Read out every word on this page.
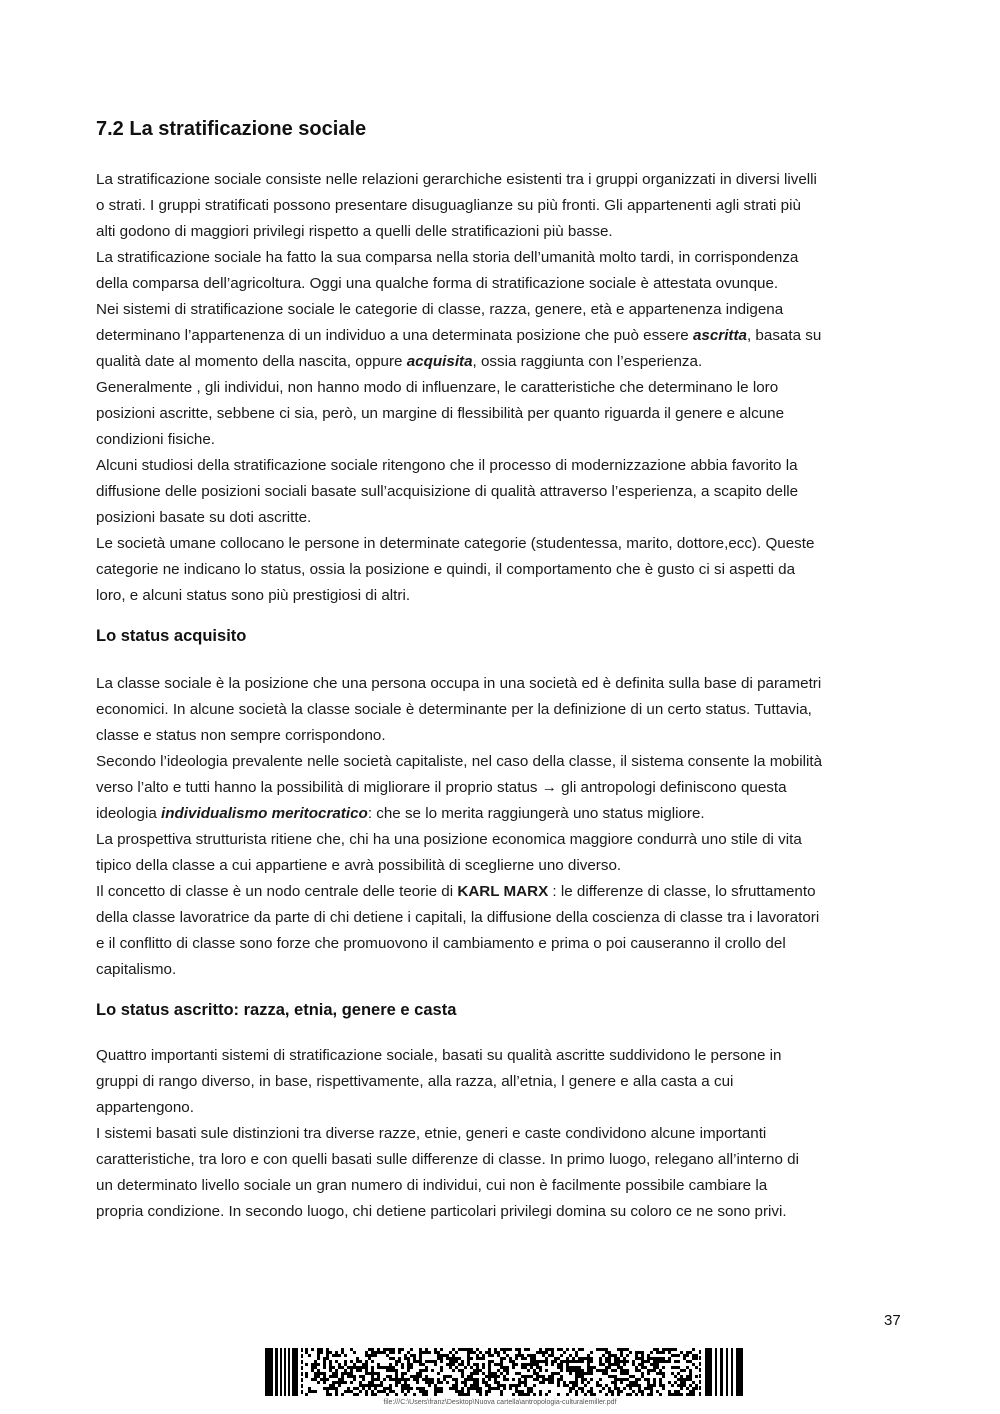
7.2 La stratificazione sociale
La stratificazione sociale consiste nelle relazioni gerarchiche esistenti tra i gruppi organizzati in diversi livelli
o strati. I gruppi stratificati possono presentare disuguaglianze su più fronti. Gli appartenenti agli strati più
alti godono di maggiori privilegi rispetto a quelli delle stratificazioni più basse.
La stratificazione sociale ha fatto la sua comparsa nella storia dell’umanità molto tardi, in corrispondenza
della comparsa dell’agricoltura. Oggi una qualche forma di stratificazione sociale è attestata ovunque.
Nei sistemi di stratificazione sociale le categorie di classe, razza, genere, età e appartenenza indigena
determinano l’appartenenza di un individuo a una determinata posizione che può essere ascritta, basata su
qualità date al momento della nascita, oppure acquisita, ossia raggiunta con l’esperienza.
Generalmente , gli individui, non hanno modo di influenzare, le caratteristiche che determinano le loro
posizioni ascritte, sebbene ci sia, però, un margine di flessibilità per quanto riguarda il genere e alcune
condizioni fisiche.
Alcuni studiosi della stratificazione sociale ritengono che il processo di modernizzazione abbia favorito la
diffusione delle posizioni sociali basate sull’acquisizione di qualità attraverso l’esperienza, a scapito delle
posizioni basate su doti ascritte.
Le società umane collocano le persone in determinate categorie (studentessa, marito, dottore,ecc). Queste
categorie ne indicano lo status, ossia la posizione e quindi, il comportamento che è gusto ci si aspetti da
loro, e alcuni status sono più prestigiosi di altri.
Lo status acquisito
La classe sociale è la posizione che una persona occupa in una società ed è definita sulla base di parametri
economici. In alcune società la classe sociale è determinante per la definizione di un certo status. Tuttavia,
classe e status non sempre corrispondono.
Secondo l’ideologia prevalente nelle società capitaliste, nel caso della classe, il sistema consente la mobilità
verso l’alto e tutti hanno la possibilità di migliorare il proprio status → gli antropologi definiscono questa
ideologia individualismo meritocratico: che se lo merita raggiungerà uno status migliore.
La prospettiva strutturista ritiene che, chi ha una posizione economica maggiore condurrà uno stile di vita
tipico della classe a cui appartiene e avrà possibilità di sceglierne uno diverso.
Il concetto di classe è un nodo centrale delle teorie di KARL MARX : le differenze di classe, lo sfruttamento
della classe lavoratrice da parte di chi detiene i capitali, la diffusione della coscienza di classe tra i lavoratori
e il conflitto di classe sono forze che promuovono il cambiamento e prima o poi causeranno il crollo del
capitalismo.
Lo status ascritto: razza, etnia, genere e casta
Quattro importanti sistemi di stratificazione sociale, basati su qualità ascritte suddividono le persone in
gruppi di rango diverso, in base, rispettivamente, alla razza, all’etnia, l genere e alla casta a cui
appartengono.
I sistemi basati sule distinzioni tra diverse razze, etnie, generi e caste condividono alcune importanti
caratteristiche, tra loro e con quelli basati sulle differenze di classe. In primo luogo, relegano all’interno di
un determinato livello sociale un gran numero di individui, cui non è facilmente possibile cambiare la
propria condizione. In secondo luogo, chi detiene particolari privilegi domina su coloro ce ne sono privi.
37
file:///C:\Users\franz\Desktop\Nuova cartella\antropologia-culturalemiller.pdf
